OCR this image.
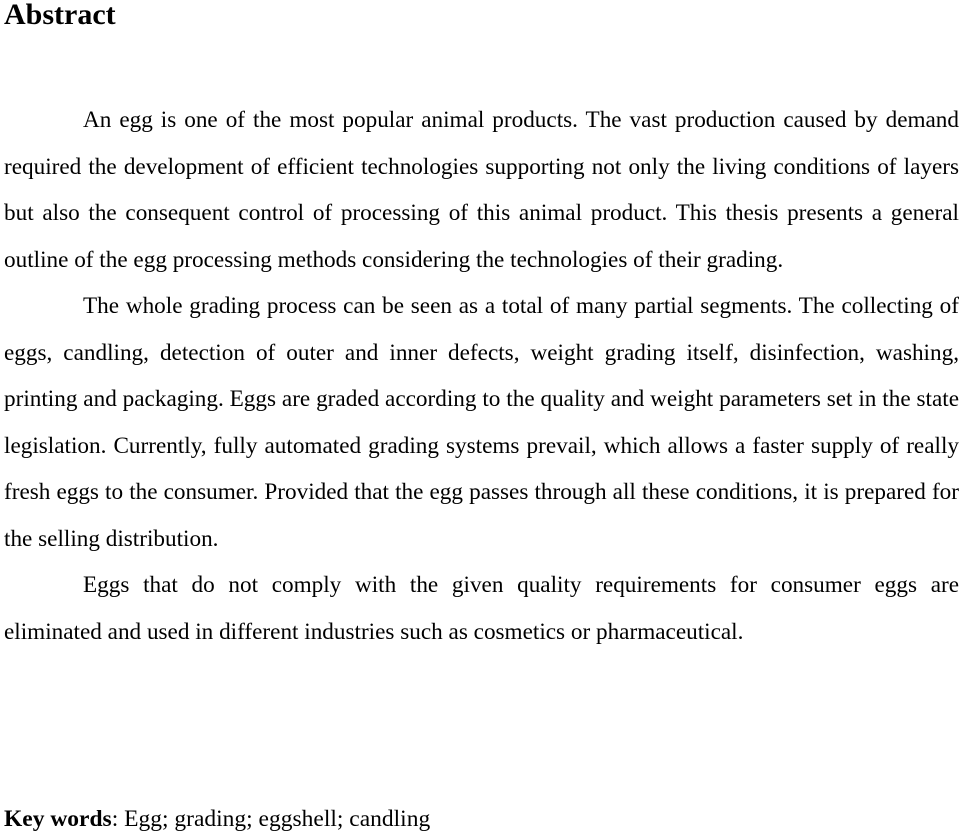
Abstract

An egg is one of the most popular animal products. The vast production caused by demand required the development of efficient technologies supporting not only the living conditions of layers but also the consequent control of processing of this animal product. This thesis presents a general outline of the egg processing methods considering the technologies of their grading.

The whole grading process can be seen as a total of many partial segments. The collecting of eggs, candling, detection of outer and inner defects, weight grading itself, disinfection, washing, printing and packaging. Eggs are graded according to the quality and weight parameters set in the state legislation. Currently, fully automated grading systems prevail, which allows a faster supply of really fresh eggs to the consumer. Provided that the egg passes through all these conditions, it is prepared for the selling distribution.

Eggs that do not comply with the given quality requirements for consumer eggs are eliminated and used in different industries such as cosmetics or pharmaceutical.

Key words: Egg; grading; eggshell; candling
